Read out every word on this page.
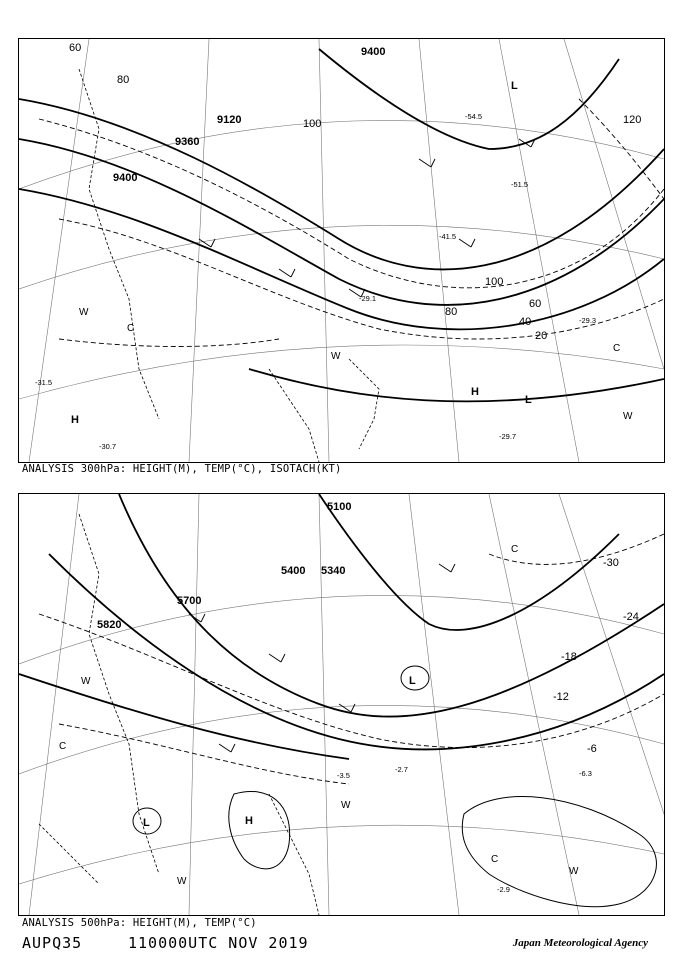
9400
9120
9360
9400
60
80
100	120
100
80
60
40
20
-54.5
-51.5
-41.5
-29.1
-29.7
-30.7
-31.5
-29.3
H
H
L
L
W
W
C
W
C
ANALYSIS 300hPa: HEIGHT(M), TEMP(°C), ISOTACH(KT)
5100
5400 5340
5700
5820
-30
-24
-18
-12
-6
-3.5
-2.7	-6.3
-2.9
H
L
L
W
C
C
W
W
C
W
ANALYSIS 500hPa: HEIGHT(M), TEMP(°C)
AUPQ35	110000UTC NOV 2019	Japan Meteorological Agency
